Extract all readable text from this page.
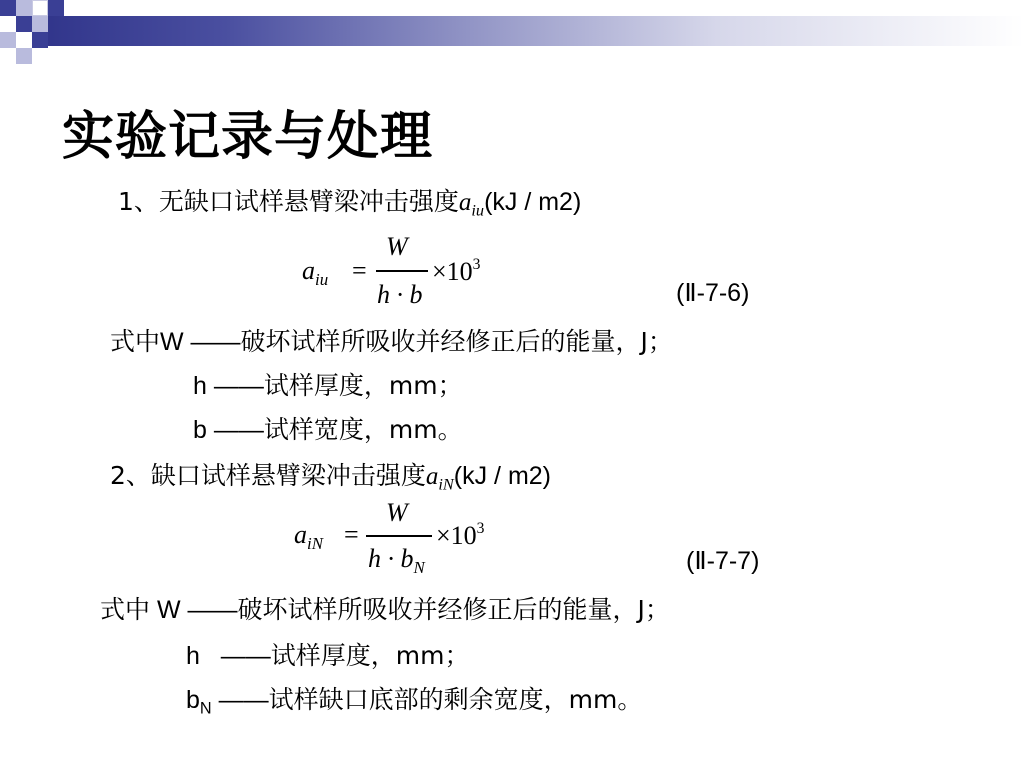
实验记录与处理
1、无缺口试样悬臂梁冲击强度$a_{iu}(kJ / m2)$
$a_{iu}$ =
W
h · b
$\times 10^3$
(Ⅱ-7-6)
式中W ——破坏试样所吸收并经修正后的能量，J；
h ——试样厚度，mm；
b ——试样宽度，mm。
2、缺口试样悬臂梁冲击强度$a_{iN}(kJ / m2)$
$a_{iN}$ =
W
$h \cdot b_N$
$\times 10^3$
(Ⅱ-7-7)
式中 W ——破坏试样所吸收并经修正后的能量，J；
h   ——试样厚度，mm；
$b_N$ ——试样缺口底部的剩余宽度，mm。
